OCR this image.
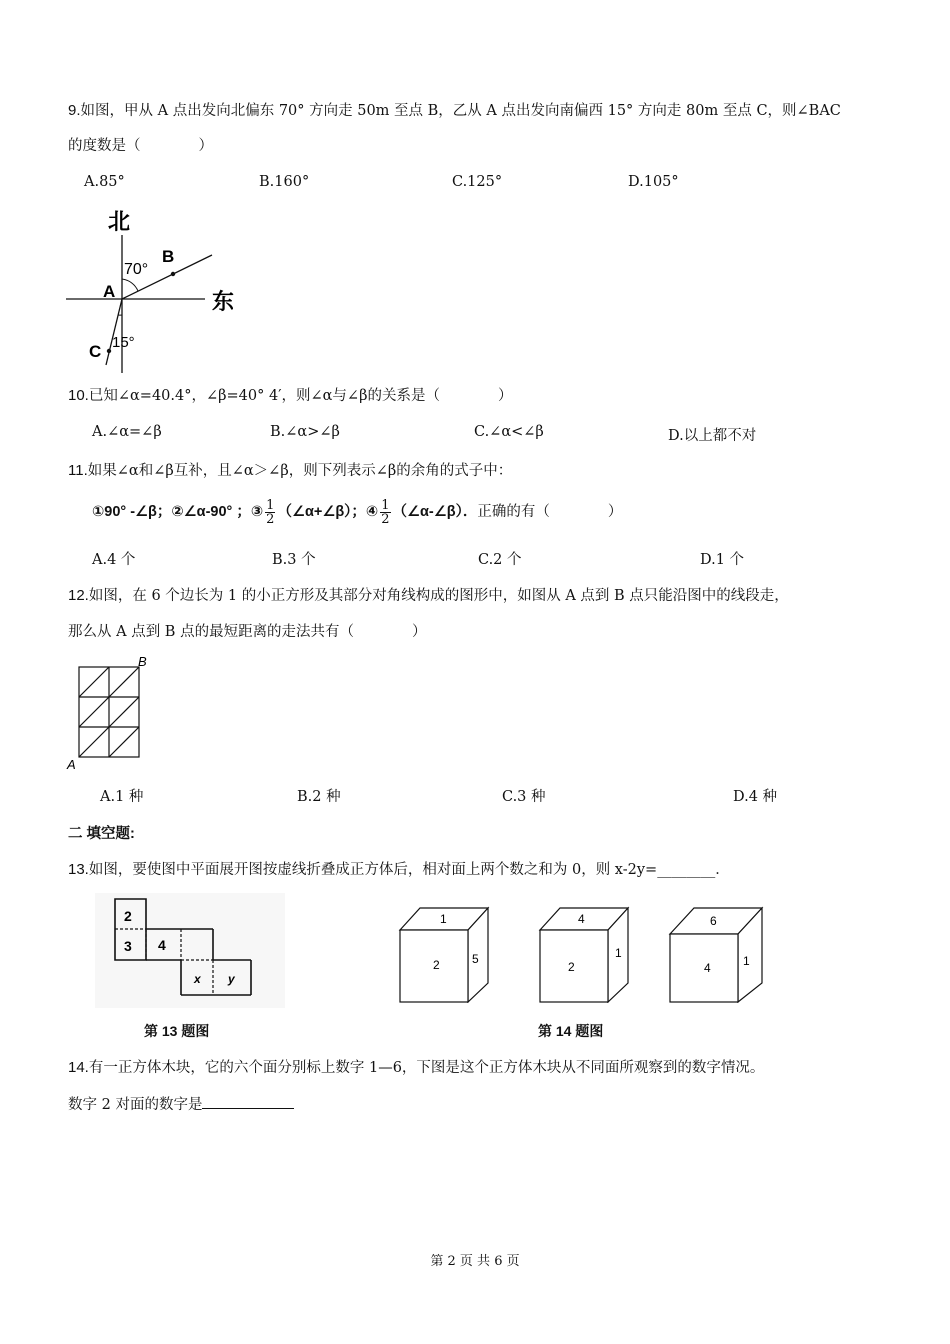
9.如图，甲从 A 点出发向北偏东 70° 方向走 50m 至点 B，乙从 A 点出发向南偏西 15° 方向走 80m 至点 C，则∠BAC
的度数是（　　　　）
A.85°	B.160°	C.125°	D.105°
北
东
A
B
C
70°
15°
10.已知∠α=40.4°，∠β=40° 4′，则∠α与∠β的关系是（　　　　）
A.∠α=∠β	B.∠α>∠β	C.∠α<∠β	D.以上都不对
11.如果∠α和∠β互补，且∠α＞∠β，则下列表示∠β的余角的式子中：
①90° -∠β；②∠α-90° ；③ $\frac{1}{2}$ （∠α+∠β）；④ $\frac{1}{2}$ （∠α-∠β）．正确的有（　　　　）
A.4 个	B.3 个	C.2 个	D.1 个
12.如图，在 6 个边长为 1 的小正方形及其部分对角线构成的图形中，如图从 A 点到 B 点只能沿图中的线段走，
那么从 A 点到 B 点的最短距离的走法共有（　　　　）
B
A
A.1 种	B.2 种	C.3 种	D.4 种
二 填空题:
13.如图，要使图中平面展开图按虚线折叠成正方体后，相对面上两个数之和为 0，则 x-2y=________．
2
3 4
x y
1
2	5
4
2
1
6
4	1
第 13 题图	第 14 题图
14.有一正方体木块，它的六个面分别标上数字 1—6，下图是这个正方体木块从不同面所观察到的数字情况。
数字 2 对面的数字是
第 2 页 共 6 页
